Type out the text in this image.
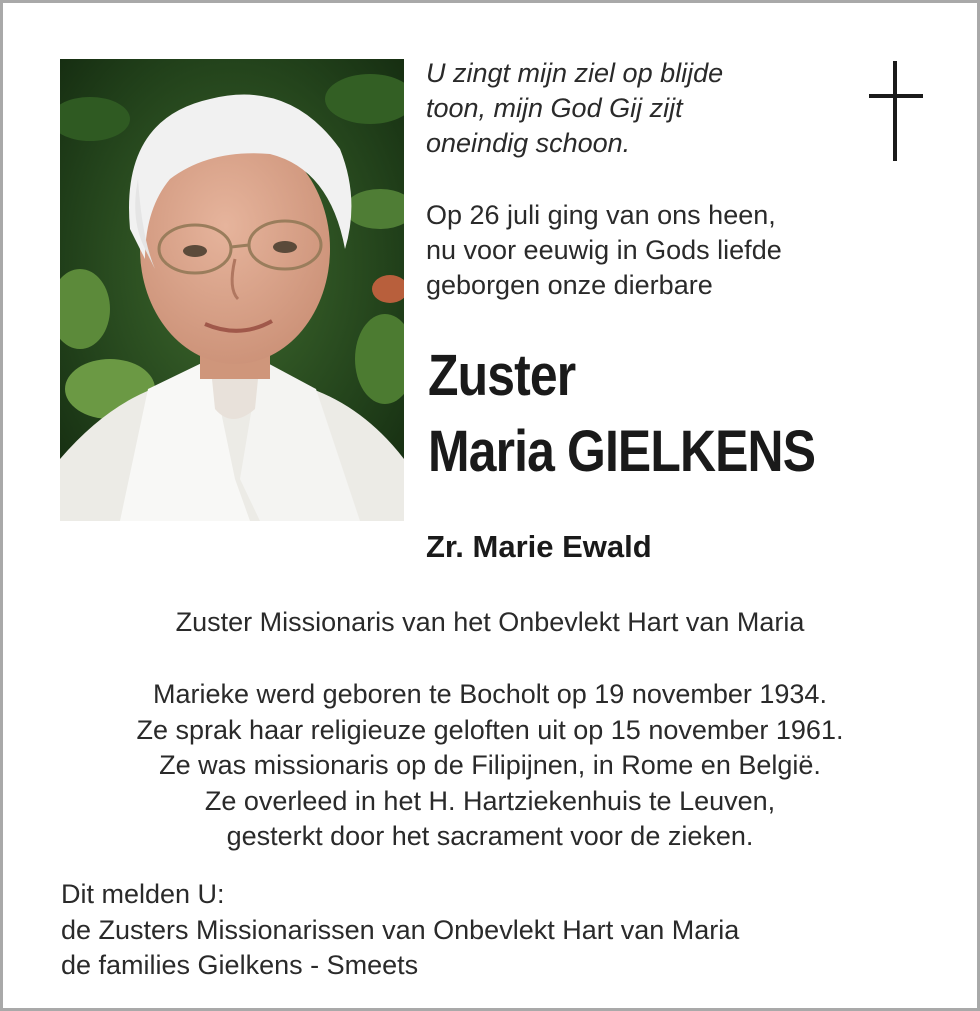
U zingt mijn ziel op blijde
toon, mijn God Gij zijt
oneindig schoon.
Op 26 juli ging van ons heen,
nu voor eeuwig in Gods liefde
geborgen onze dierbare
Zuster
Maria GIELKENS
Zr. Marie Ewald
Zuster Missionaris van het Onbevlekt Hart van Maria
Marieke werd geboren te Bocholt op 19 november 1934.
Ze sprak haar religieuze geloften uit op 15 november 1961.
Ze was missionaris op de Filipijnen, in Rome en België.
Ze overleed in het H. Hartziekenhuis te Leuven,
gesterkt door het sacrament voor de zieken.
Dit melden U:
de Zusters Missionarissen van Onbevlekt Hart van Maria
de families Gielkens - Smeets
